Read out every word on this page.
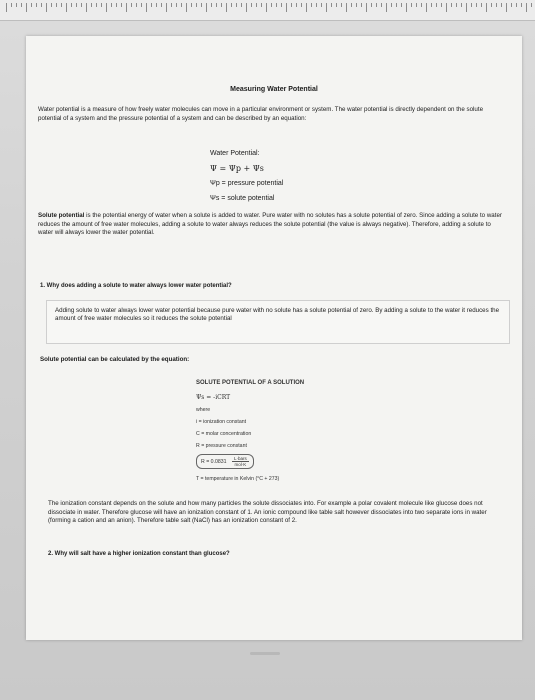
Measuring Water Potential
Water potential is a measure of how freely water molecules can move in a particular environment or system. The water potential is directly dependent on the solute potential of a system and the pressure potential of a system and can be described by an equation:
Water Potential:
Ψ = Ψp + Ψs
Ψp = pressure potential
Ψs = solute potential
Solute potential is the potential energy of water when a solute is added to water. Pure water with no solutes has a solute potential of zero. Since adding a solute to water reduces the amount of free water molecules, adding a solute to water always reduces the solute potential (the value is always negative). Therefore, adding a solute to water will always lower the water potential.
1. Why does adding a solute to water always lower water potential?
Adding solute to water always lower water potential because pure water with no solute has a solute potential of zero. By adding a solute to the water it reduces the amount of free water molecules so it reduces the solute potential
Solute potential can be calculated by the equation:
SOLUTE POTENTIAL OF A SOLUTION
Ψs = -iCRT
where
i = ionization constant
C = molar concentration
R = pressure constant
$R = 0.0831 \frac{\text{L·bars}}{\text{mol·K}}$
T = temperature in Kelvin (°C + 273)
The ionization constant depends on the solute and how many particles the solute dissociates into. For example a polar covalent molecule like glucose does not dissociate in water. Therefore glucose will have an ionization constant of 1. An ionic compound like table salt however dissociates into two separate ions in water (forming a cation and an anion). Therefore table salt (NaCl) has an ionization constant of 2.
2. Why will salt have a higher ionization constant than glucose?
